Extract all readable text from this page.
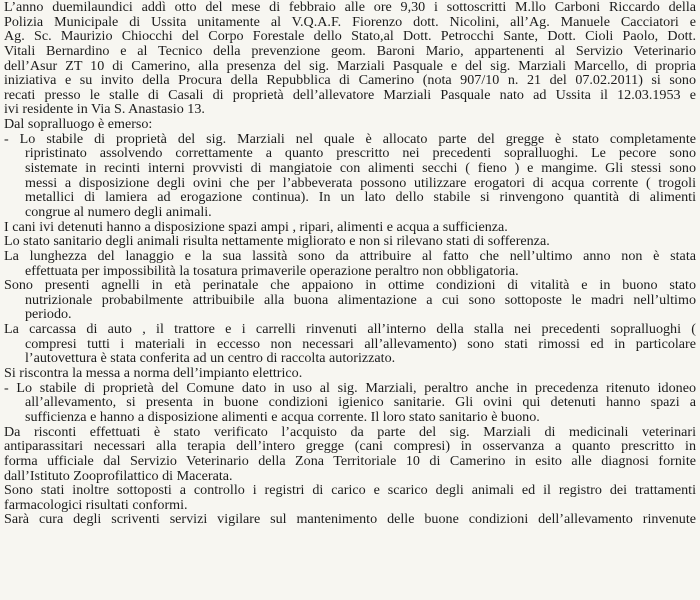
L’anno duemilaundici addì otto del mese di febbraio alle ore 9,30 i sottoscritti M.llo Carboni Riccardo della
Polizia Municipale di Ussita unitamente al V.Q.A.F. Fiorenzo dott. Nicolini, all’Ag. Manuele Cacciatori e
Ag. Sc. Maurizio Chiocchi del Corpo Forestale dello Stato,al Dott. Petrocchi Sante, Dott. Cioli Paolo, Dott.
Vitali Bernardino e al Tecnico della prevenzione geom. Baroni Mario, appartenenti al Servizio Veterinario
dell’Asur ZT 10 di Camerino, alla presenza del sig. Marziali Pasquale e del sig. Marziali Marcello, di propria
iniziativa e su invito della Procura della Repubblica di Camerino (nota 907/10 n. 21 del 07.02.2011) si sono
recati presso le stalle di Casali di proprietà dell’allevatore Marziali Pasquale nato ad Ussita il 12.03.1953 e
ivi residente in Via S. Anastasio 13.
Dal sopralluogo è emerso:
- Lo stabile di proprietà del sig. Marziali nel quale è allocato parte del gregge è stato completamente
ripristinato assolvendo correttamente a quanto prescritto nei precedenti sopralluoghi. Le pecore sono
sistemate in recinti interni provvisti di mangiatoie con alimenti secchi ( fieno ) e mangime. Gli stessi sono
messi a disposizione degli ovini che per l’abbeverata possono utilizzare erogatori di acqua corrente ( trogoli
metallici di lamiera ad erogazione continua). In un lato dello stabile si rinvengono quantità di alimenti
congrue al numero degli animali.
I cani ivi detenuti hanno a disposizione spazi ampi , ripari, alimenti e acqua a sufficienza.
Lo stato sanitario degli animali risulta nettamente migliorato e non si rilevano stati di sofferenza.
La lunghezza del lanaggio e la sua lassità sono da attribuire al fatto che nell’ultimo anno non è stata
effettuata per impossibilità la tosatura primaverile operazione peraltro non obbligatoria.
Sono presenti agnelli in età perinatale che appaiono in ottime condizioni di vitalità e in buono stato
nutrizionale probabilmente attribuibile alla buona alimentazione a cui sono sottoposte le madri nell’ultimo
periodo.
La carcassa di auto , il trattore e i carrelli rinvenuti all’interno della stalla nei precedenti sopralluoghi (
compresi tutti i materiali in eccesso non necessari all’allevamento) sono stati rimossi ed in particolare
l’autovettura è stata conferita ad un centro di raccolta autorizzato.
Si riscontra la messa a norma dell’impianto elettrico.
- Lo stabile di proprietà del Comune dato in uso al sig. Marziali, peraltro anche in precedenza ritenuto idoneo
all’allevamento, si presenta in buone condizioni igienico sanitarie. Gli ovini qui detenuti hanno spazi a
sufficienza e hanno a disposizione alimenti e acqua corrente. Il loro stato sanitario è buono.
Da risconti effettuati è stato verificato l’acquisto da parte del sig. Marziali di medicinali veterinari
antiparassitari necessari alla terapia dell’intero gregge (cani compresi) in osservanza a quanto prescritto in
forma ufficiale dal Servizio Veterinario della Zona Territoriale 10 di Camerino in esito alle diagnosi fornite
dall’Istituto Zooprofilattico di Macerata.
Sono stati inoltre sottoposti a controllo i registri di carico e scarico degli animali ed il registro dei trattamenti
farmacologici risultati conformi.
Sarà cura degli scriventi servizi vigilare sul mantenimento delle buone condizioni dell’allevamento rinvenute
